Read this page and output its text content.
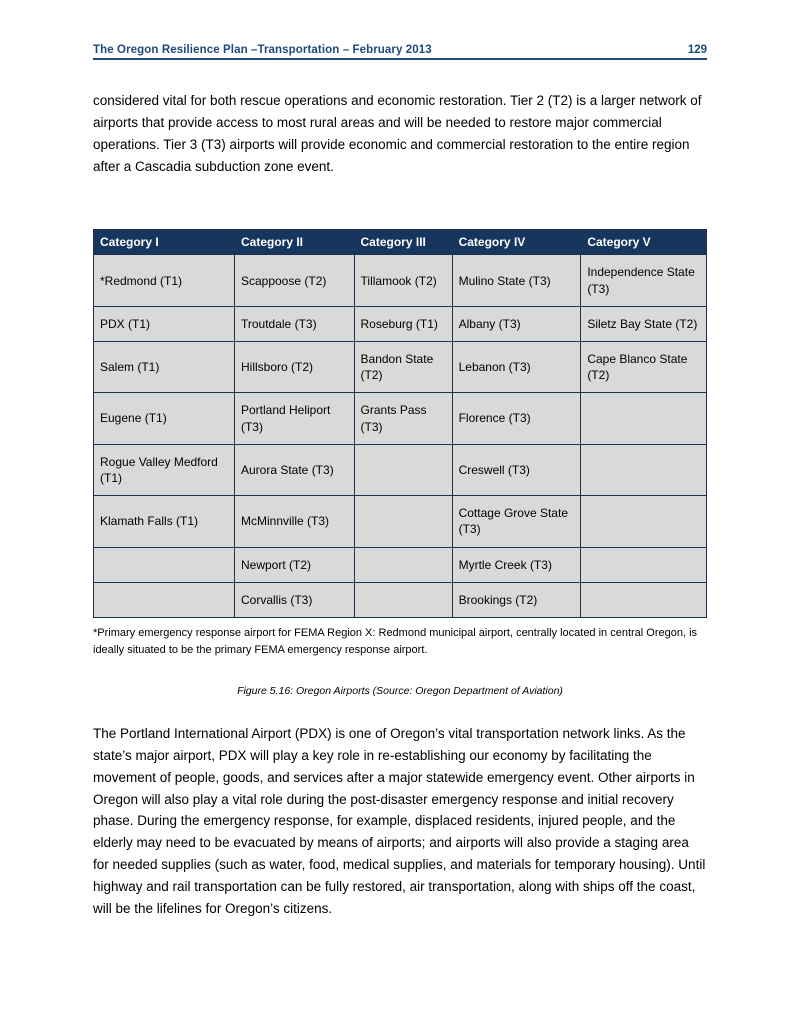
The Oregon Resilience Plan –Transportation – February 2013	129

considered vital for both rescue operations and economic restoration. Tier 2 (T2) is a larger network of airports that provide access to most rural areas and will be needed to restore major commercial operations. Tier 3 (T3) airports will provide economic and commercial restoration to the entire region after a Cascadia subduction zone event.

Category I	Category II	Category III	Category IV	Category V
*Redmond (T1)	Scappoose (T2)	Tillamook (T2)	Mulino State (T3)	Independence State (T3)
PDX (T1)	Troutdale (T3)	Roseburg (T1)	Albany (T3)	Siletz Bay State (T2)
Salem (T1)	Hillsboro (T2)	Bandon State (T2)	Lebanon (T3)	Cape Blanco State (T2)
Eugene (T1)	Portland Heliport (T3)	Grants Pass (T3)	Florence (T3)	
Rogue Valley Medford (T1)	Aurora State (T3)		Creswell (T3)	
Klamath Falls (T1)	McMinnville (T3)		Cottage Grove State (T3)	
	Newport (T2)		Myrtle Creek (T3)	
	Corvallis (T3)		Brookings (T2)	

*Primary emergency response airport for FEMA Region X: Redmond municipal airport, centrally located in central Oregon, is ideally situated to be the primary FEMA emergency response airport.

Figure 5.16: Oregon Airports (Source: Oregon Department of Aviation)

The Portland International Airport (PDX) is one of Oregon’s vital transportation network links. As the state’s major airport, PDX will play a key role in re-establishing our economy by facilitating the movement of people, goods, and services after a major statewide emergency event. Other airports in Oregon will also play a vital role during the post-disaster emergency response and initial recovery phase. During the emergency response, for example, displaced residents, injured people, and the elderly may need to be evacuated by means of airports; and airports will also provide a staging area for needed supplies (such as water, food, medical supplies, and materials for temporary housing). Until highway and rail transportation can be fully restored, air transportation, along with ships off the coast, will be the lifelines for Oregon’s citizens.
